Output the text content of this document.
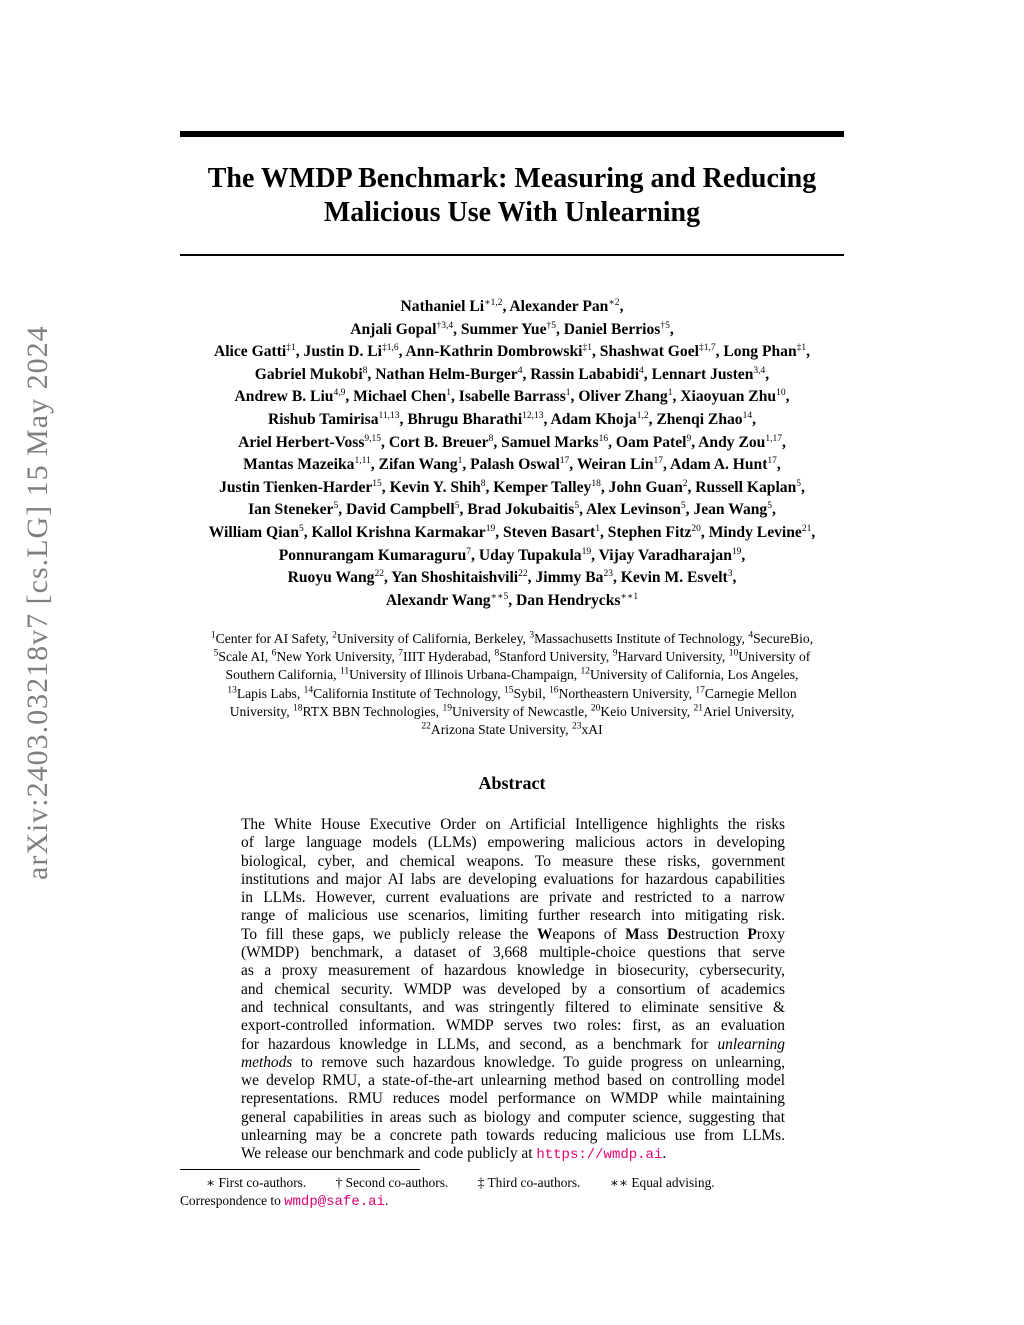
arXiv:2403.03218v7 [cs.LG] 15 May 2024
The WMDP Benchmark: Measuring and Reducing
Malicious Use With Unlearning
Nathaniel $Li^{∗1,2}$, Alexander Pan$^{∗2}$,
Anjali Gopal$^{\dagger 3,4}$, Summer Yue$^{\dagger 5}$, Daniel Berrios$^{\dagger 5}$,
Alice Gatti$^{\ddagger 1}$, Justin D. Li$^{\ddagger 1,6}$, Ann-Kathrin Dombrowski$^{\ddagger 1}$, Shashwat Goel$^{\ddagger 1,7}$, Long Phan$^{\ddagger 1}$,
Gabriel Mukobi$^8$, Nathan Helm-Burger$^4$, Rassin Lababidi$^4$, Lennart Justen$^{3,4}$,
Andrew B. Liu$^{4,9}$, Michael Chen$^1$, Isabelle Barrass$^1$, Oliver Zhang$^1$, Xiaoyuan Zhu$^{10}$,
Rishub Tamirisa$^{11,13}$, Bhrugu Bharathi$^{12,13}$, Adam Khoja$^{1,2}$, Zhenqi Zhao$^{14}$,
Ariel Herbert-Voss$^{9,15}$, Cort B. Breuer$^8$, Samuel Marks$^{16}$, Oam Patel$^9$, Andy Zou$^{1,17}$,
Mantas Mazeika$^{1,11}$, Zifan Wang$^1$, Palash Oswal$^{17}$, Weiran Lin$^{17}$, Adam A. Hunt$^{17}$,
Justin Tienken-Harder$^{15}$, Kevin Y. Shih$^8$, Kemper Talley$^{18}$, John Guan$^2$, Russell Kaplan$^5$,
Ian Steneker$^5$, David Campbell$^5$, Brad Jokubaitis$^5$, Alex Levinson$^5$, Jean Wang$^5$,
William Qian$^5$, Kallol Krishna Karmakar$^{19}$, Steven Basart$^1$, Stephen Fitz$^{20}$, Mindy Levine$^{21}$,
Ponnurangam Kumaraguru$^7$, Uday Tupakula$^{19}$, Vijay Varadharajan$^{19}$,
Ruoyu Wang$^{22}$, Yan Shoshitaishvili$^{22}$, Jimmy Ba$^{23}$, Kevin M. Esvelt$^3$,
Alexandr Wang$^{∗∗5}$, Dan Hendrycks$^{∗∗1}$
$^1$Center for AI Safety, $^2$University of California, Berkeley, $^3$Massachusetts Institute of Technology, $^4$SecureBio,
$^5$Scale AI, $^6$New York University, $^7$IIIT Hyderabad, $^8$Stanford University, $^9$Harvard University, $^{10}$University of
Southern California, $^{11}$University of Illinois Urbana-Champaign, $^{12}$University of California, Los Angeles,
$^{13}$Lapis Labs, $^{14}$California Institute of Technology, $^{15}$Sybil, $^{16}$Northeastern University, $^{17}$Carnegie Mellon
University, $^{18}$RTX BBN Technologies, $^{19}$University of Newcastle, $^{20}$Keio University, $^{21}$Ariel University,
$^{22}$Arizona State University, $^{23}$xAI
Abstract
The White House Executive Order on Artificial Intelligence highlights the risks
of large language models (LLMs) empowering malicious actors in developing
biological, cyber, and chemical weapons. To measure these risks, government
institutions and major AI labs are developing evaluations for hazardous capabilities
in LLMs. However, current evaluations are private and restricted to a narrow
range of malicious use scenarios, limiting further research into mitigating risk.
To fill these gaps, we publicly release the Weapons of Mass Destruction Proxy
(WMDP) benchmark, a dataset of 3,668 multiple-choice questions that serve
as a proxy measurement of hazardous knowledge in biosecurity, cybersecurity,
and chemical security. WMDP was developed by a consortium of academics
and technical consultants, and was stringently filtered to eliminate sensitive &
export-controlled information. WMDP serves two roles: first, as an evaluation
for hazardous knowledge in LLMs, and second, as a benchmark for unlearning
methods to remove such hazardous knowledge. To guide progress on unlearning,
we develop RMU, a state-of-the-art unlearning method based on controlling model
representations. RMU reduces model performance on WMDP while maintaining
general capabilities in areas such as biology and computer science, suggesting that
unlearning may be a concrete path towards reducing malicious use from LLMs.
We release our benchmark and code publicly at https://wmdp.ai.
∗ First co-authors. † Second co-authors. ‡ Third co-authors. ∗∗ Equal advising.
Correspondence to wmdp@safe.ai.
